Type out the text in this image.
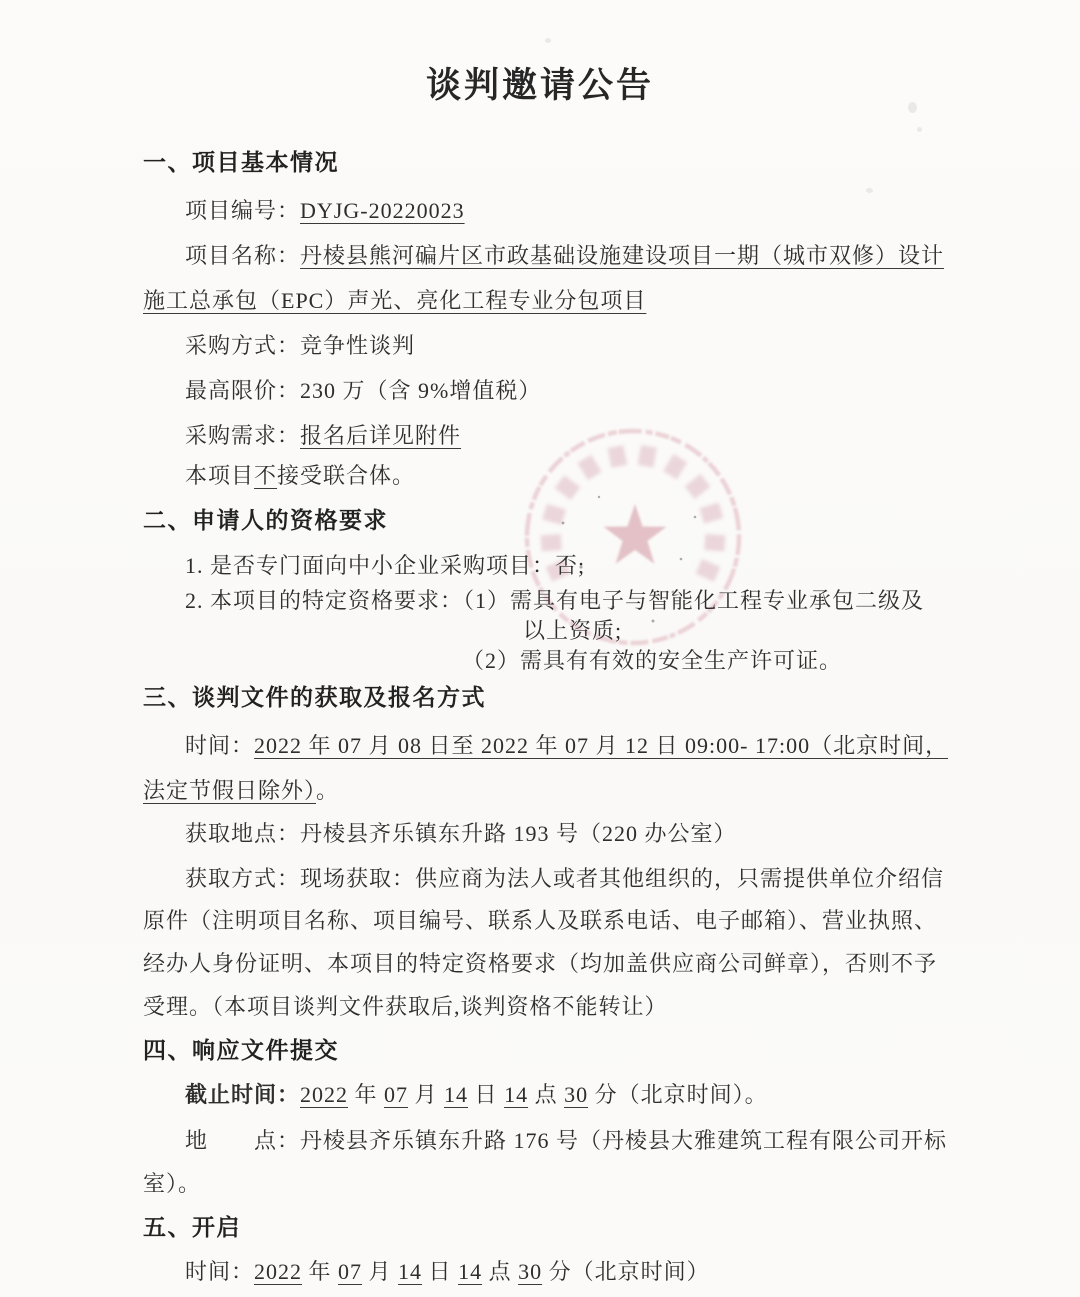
谈判邀请公告
一、项目基本情况
项目编号：DYJG-20220023
项目名称：丹棱县熊河碥片区市政基础设施建设项目一期（城市双修）设计
施工总承包（EPC）声光、亮化工程专业分包项目
采购方式：竞争性谈判
最高限价：230 万（含 9%增值税）
采购需求：报名后详见附件
本项目不接受联合体。
二、申请人的资格要求
1. 是否专门面向中小企业采购项目：否;
2. 本项目的特定资格要求：（1）需具有电子与智能化工程专业承包二级及
以上资质;
（2）需具有有效的安全生产许可证。
三、谈判文件的获取及报名方式
时间：2022 年 07 月 08 日至 2022 年 07 月 12 日 09:00- 17:00（北京时间，
法定节假日除外）。
获取地点：丹棱县齐乐镇东升路 193 号（220 办公室）
获取方式：现场获取：供应商为法人或者其他组织的，只需提供单位介绍信
原件（注明项目名称、项目编号、联系人及联系电话、电子邮箱）、营业执照、
经办人身份证明、本项目的特定资格要求（均加盖供应商公司鲜章），否则不予
受理。（本项目谈判文件获取后,谈判资格不能转让）
四、响应文件提交
截止时间：2022 年 07 月 14 日 14 点 30 分（北京时间）。
地　　点：丹棱县齐乐镇东升路 176 号（丹棱县大雅建筑工程有限公司开标
室）。
五、开启
时间：2022 年 07 月 14 日 14 点 30 分（北京时间）
